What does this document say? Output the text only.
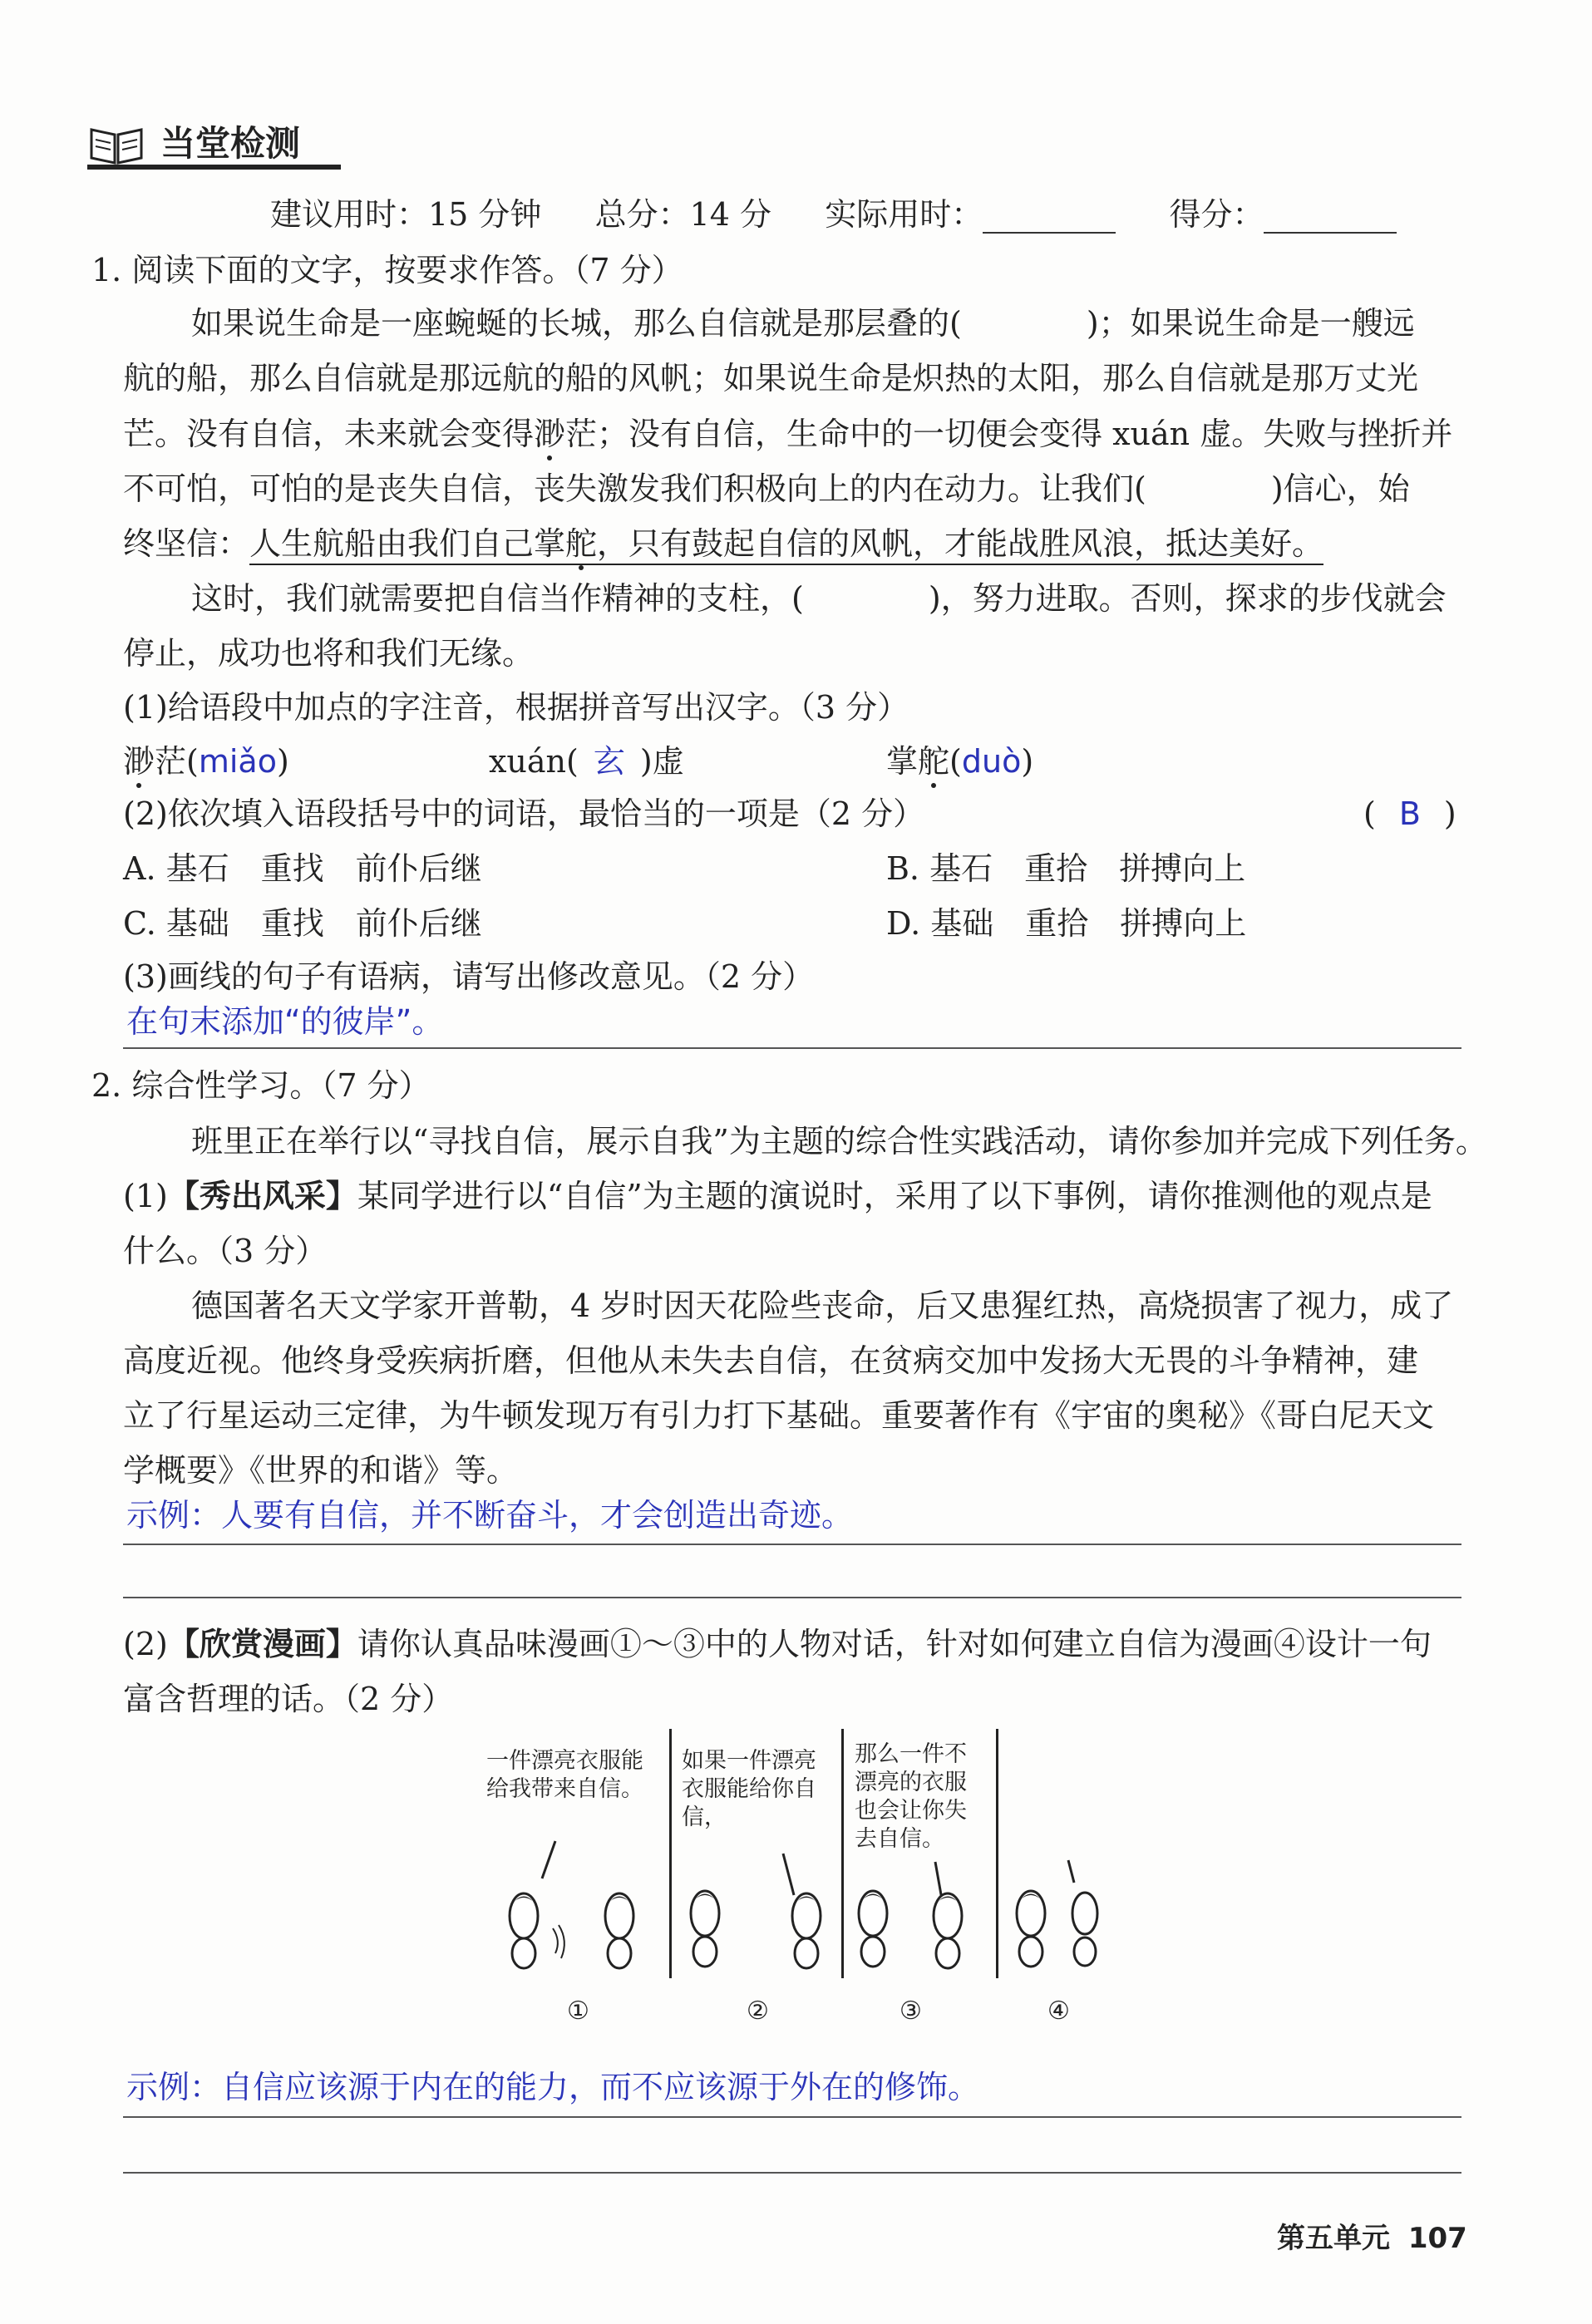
当堂检测
建议用时：15 分钟 总分：14 分 实际用时：	得分：
1. 阅读下面的文字，按要求作答。（7 分）
如果说生命是一座蜿蜒的长城，那么自信就是那层叠的(	)；如果说生命是一艘远
航的船，那么自信就是那远航的船的风帆；如果说生命是炽热的太阳，那么自信就是那万丈光
芒。没有自信，未来就会变得渺茫；没有自信，生命中的一切便会变得 xuán 虚。失败与挫折并
不可怕，可怕的是丧失自信，丧失激发我们积极向上的内在动力。让我们(	)信心，始
终坚信：人生航船由我们自己掌舵，只有鼓起自信的风帆，才能战胜风浪，抵达美好。
这时，我们就需要把自信当作精神的支柱，(	)，努力进取。否则，探求的步伐就会
停止，成功也将和我们无缘。
(1)给语段中加点的字注音，根据拼音写出汉字。（3 分）
渺茫(miǎo)	xuán( 玄 )虚	掌舵(duò)
(2)依次填入语段括号中的词语，最恰当的一项是（2 分）	( B )
A. 基石　重找　前仆后继	B. 基石　重拾　拼搏向上
C. 基础　重找　前仆后继	D. 基础　重拾　拼搏向上
(3)画线的句子有语病，请写出修改意见。（2 分）
在句末添加“的彼岸”。
2. 综合性学习。（7 分）
班里正在举行以“寻找自信，展示自我”为主题的综合性实践活动，请你参加并完成下列任务。
(1)【秀出风采】某同学进行以“自信”为主题的演说时，采用了以下事例，请你推测他的观点是
什么。（3 分）
德国著名天文学家开普勒，4 岁时因天花险些丧命，后又患猩红热，高烧损害了视力，成了
高度近视。他终身受疾病折磨，但他从未失去自信，在贫病交加中发扬大无畏的斗争精神，建
立了行星运动三定律，为牛顿发现万有引力打下基础。重要著作有《宇宙的奥秘》《哥白尼天文
学概要》《世界的和谐》等。
示例：人要有自信，并不断奋斗，才会创造出奇迹。
(2)【欣赏漫画】请你认真品味漫画①～③中的人物对话，针对如何建立自信为漫画④设计一句
富含哲理的话。（2 分）
一件漂亮衣服能给我带来自信。
如果一件漂亮衣服能给你自信，
那么一件不漂亮的衣服也会让你失去自信。
①	②	③	④
示例：自信应该源于内在的能力，而不应该源于外在的修饰。
第五单元 107
